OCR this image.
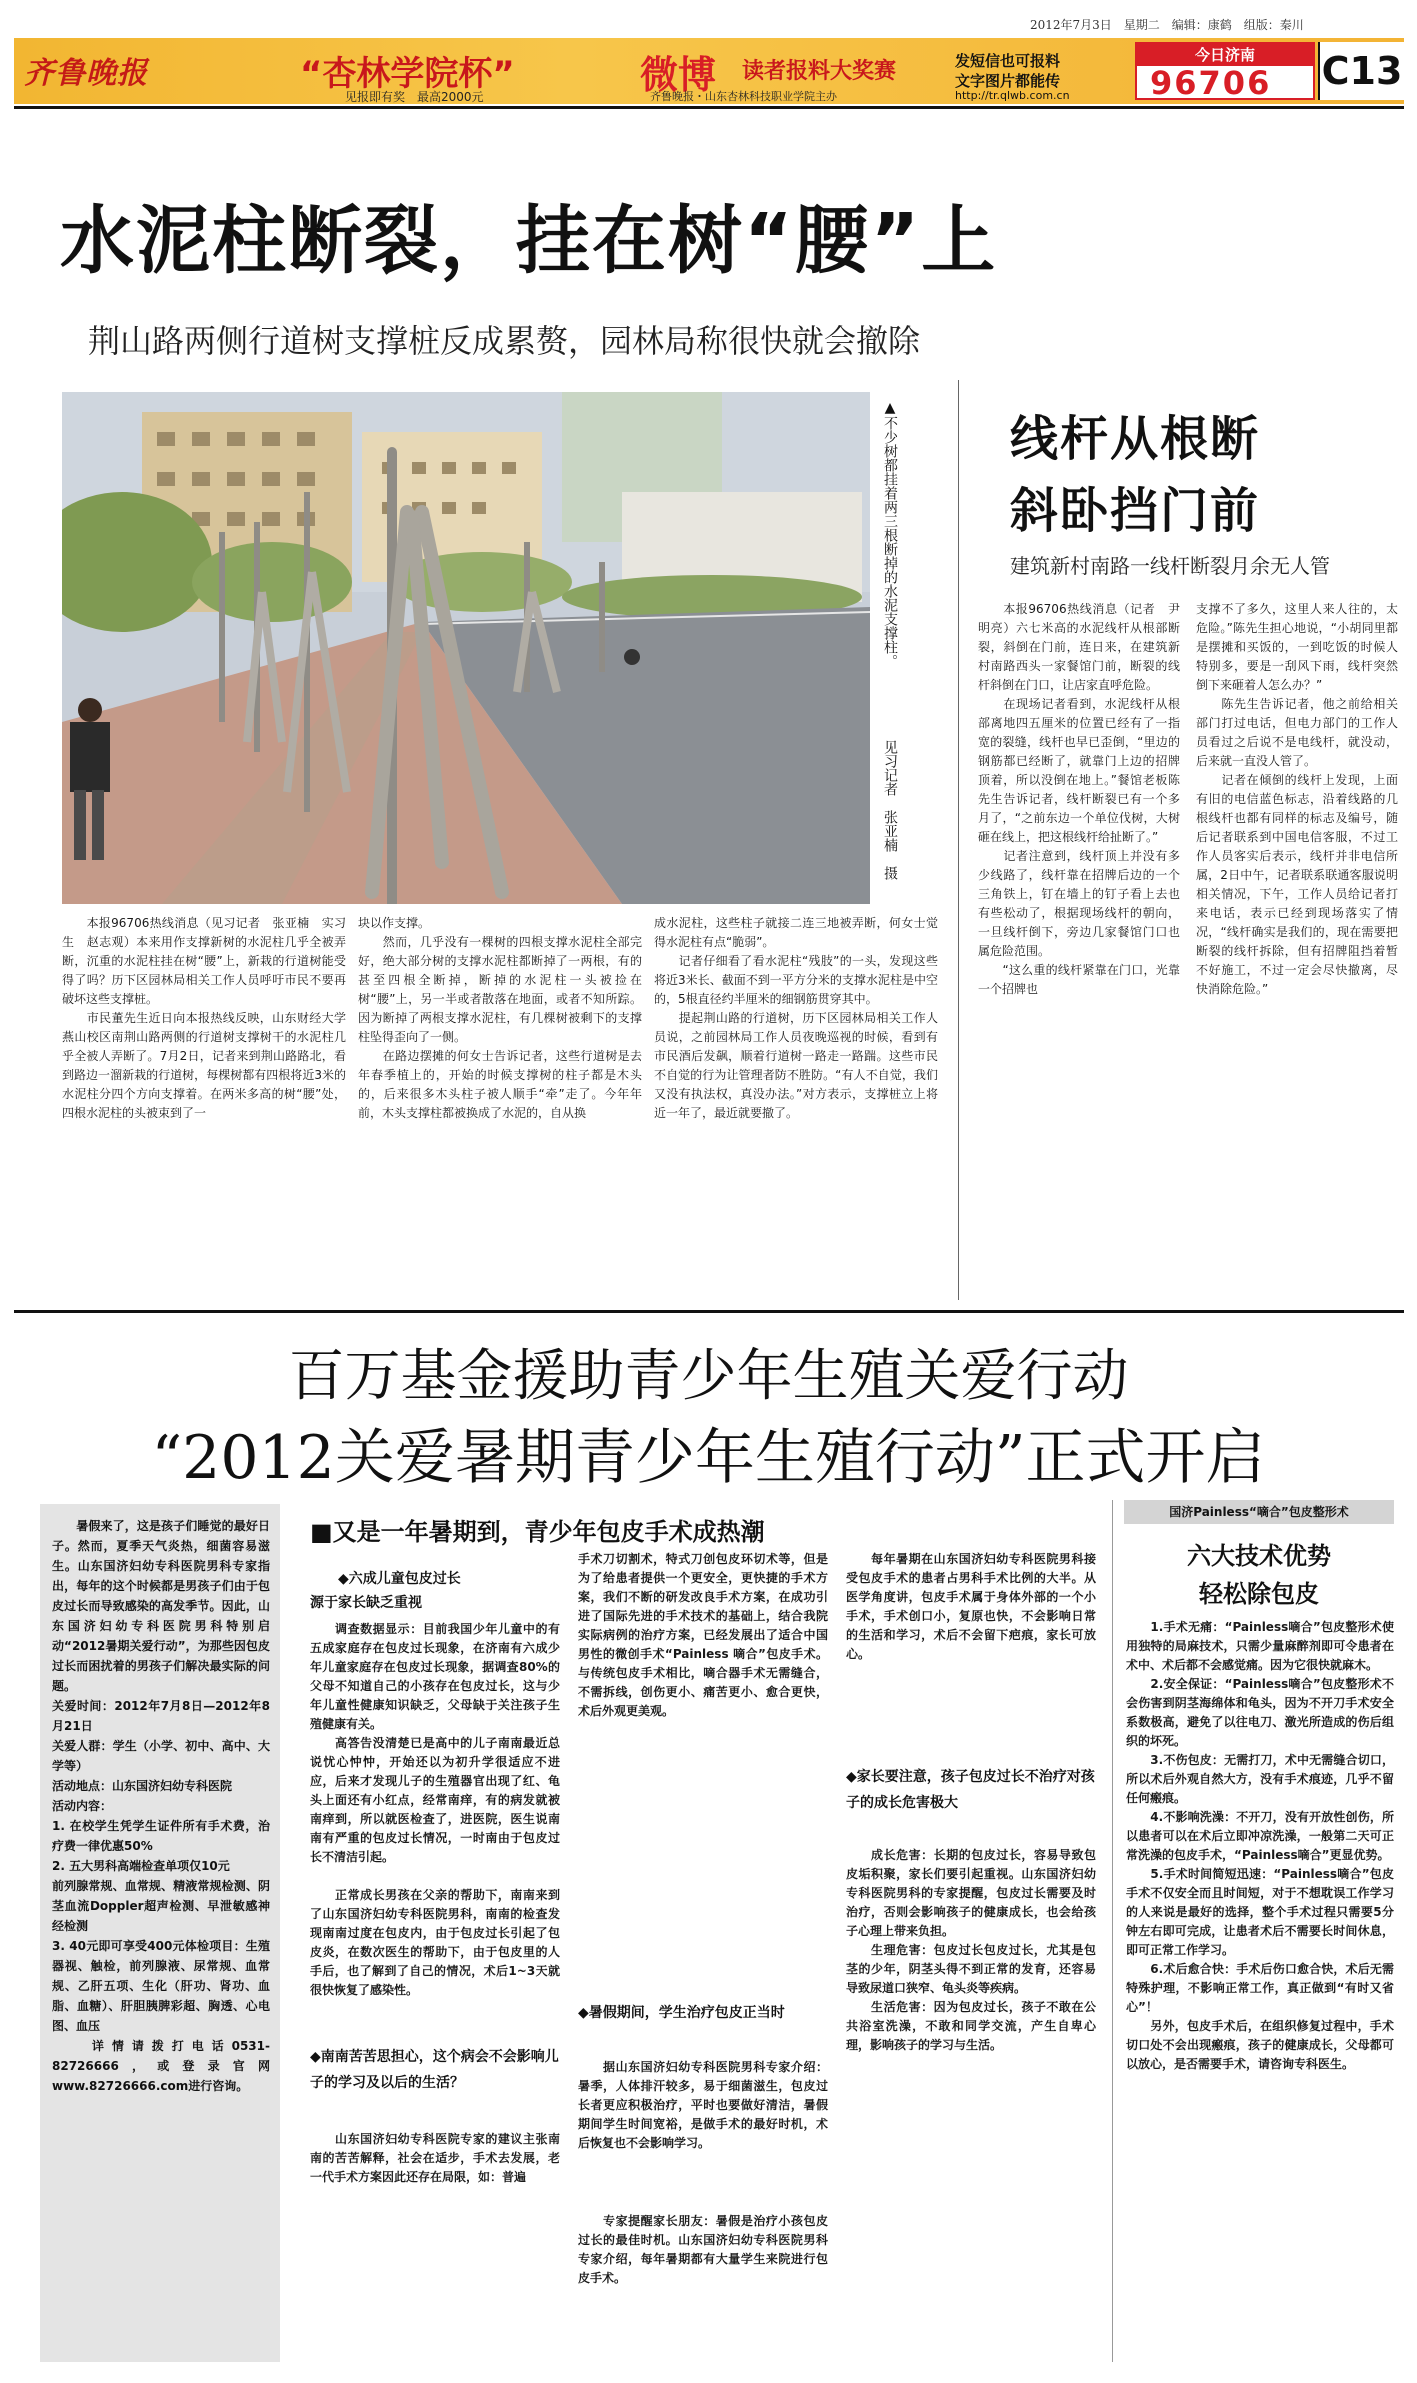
2012年7月3日　星期二　编辑：康鹤　组版：秦川
齐鲁晚报	“杏林学院杯”
见报即有奖　最高2000元	微博 读者报料大奖赛
齐鲁晚报・山东杏林科技职业学院主办
发短信也可报料
文字图片都能传
http://tr.qlwb.com.cn
今日济南
96706 C13
水泥柱断裂，挂在树“腰”上
荆山路两侧行道树支撑桩反成累赘，园林局称很快就会撤除
▲不少树都挂着两三根断掉的水泥支撑柱。
见习记者　张亚楠　摄
　　本报96706热线消息（见习记者　张亚楠　实习生　赵志观）本来用作支撑新树的水泥柱几乎全被弄断，沉重的水泥柱挂在树“腰”上，新栽的行道树能受得了吗？历下区园林局相关工作人员呼吁市民不要再破坏这些支撑桩。
　　市民董先生近日向本报热线反映，山东财经大学燕山校区南荆山路两侧的行道树支撑树干的水泥柱几乎全被人弄断了。7月2日，记者来到荆山路路北，看到路边一溜新栽的行道树，每棵树都有四根将近3米的水泥柱分四个方向支撑着。在两米多高的树“腰”处，四根水泥柱的头被束到了一
块以作支撑。
　　然而，几乎没有一棵树的四根支撑水泥柱全部完好，绝大部分树的支撑水泥柱都断掉了一两根，有的甚至四根全断掉，断掉的水泥柱一头被捡在树“腰”上，另一半或者散落在地面，或者不知所踪。因为断掉了两根支撑水泥柱，有几棵树被剩下的支撑柱坠得歪向了一侧。
　　在路边摆摊的何女士告诉记者，这些行道树是去年春季植上的，开始的时候支撑树的柱子都是木头的，后来很多木头柱子被人顺手“牵”走了。今年年前，木头支撑柱都被换成了水泥的，自从换
成水泥柱，这些柱子就接二连三地被弄断，何女士觉得水泥柱有点“脆弱”。
　　记者仔细看了看水泥柱“残肢”的一头，发现这些将近3米长、截面不到一平方分米的支撑水泥柱是中空的，5根直径约半厘米的细钢筋贯穿其中。
　　提起荆山路的行道树，历下区园林局相关工作人员说，之前园林局工作人员夜晚巡视的时候，看到有市民酒后发飙，顺着行道树一路走一路踹。这些市民不自觉的行为让管理者防不胜防。“有人不自觉，我们又没有执法权，真没办法。”对方表示，支撑桩立上将近一年了，最近就要撤了。
线杆从根断
斜卧挡门前
建筑新村南路一线杆断裂月余无人管
　　本报96706热线消息（记者　尹明亮）六七米高的水泥线杆从根部断裂，斜倒在门前，连日来，在建筑新村南路西头一家餐馆门前，断裂的线杆斜倒在门口，让店家直呼危险。
　　在现场记者看到，水泥线杆从根部离地四五厘米的位置已经有了一指宽的裂缝，线杆也早已歪倒，“里边的钢筋都已经断了，就靠门上边的招牌顶着，所以没倒在地上。”餐馆老板陈先生告诉记者，线杆断裂已有一个多月了，“之前东边一个单位伐树，大树砸在线上，把这根线杆给扯断了。”
　　记者注意到，线杆顶上并没有多少线路了，线杆靠在招牌后边的一个三角铁上，钉在墙上的钉子看上去也有些松动了，根据现场线杆的朝向，一旦线杆倒下，旁边几家餐馆门口也属危险范围。
　　“这么重的线杆紧靠在门口，光靠一个招牌也
支撑不了多久，这里人来人往的，太危险。”陈先生担心地说，“小胡同里都是摆摊和买饭的，一到吃饭的时候人特别多，要是一刮风下雨，线杆突然倒下来砸着人怎么办？”
　　陈先生告诉记者，他之前给相关部门打过电话，但电力部门的工作人员看过之后说不是电线杆，就没动，后来就一直没人管了。
　　记者在倾倒的线杆上发现，上面有旧的电信蓝色标志，沿着线路的几根线杆也都有同样的标志及编号，随后记者联系到中国电信客服，不过工作人员客实后表示，线杆并非电信所属，2日中午，记者联系联通客服说明相关情况，下午，工作人员给记者打来电话，表示已经到现场落实了情况，“线杆确实是我们的，现在需要把断裂的线杆拆除，但有招牌阻挡着暂不好施工，不过一定会尽快撤离，尽快消除危险。”
百万基金援助青少年生殖关爱行动
“2012关爱暑期青少年生殖行动”正式开启
　　暑假来了，这是孩子们睡觉的最好日子。然而，夏季天气炎热，细菌容易滋生。山东国济妇幼专科医院男科专家指出，每年的这个时候都是男孩子们由于包皮过长而导致感染的高发季节。因此，山东国济妇幼专科医院男科特别启动“2012暑期关爱行动”，为那些因包皮过长而困扰着的男孩子们解决最实际的问题。
关爱时间：2012年7月8日—2012年8月21日
关爱人群：学生（小学、初中、高中、大学等）
活动地点：山东国济妇幼专科医院
活动内容：
1. 在校学生凭学生证件所有手术费，治疗费一律优惠50%
2. 五大男科高端检查单项仅10元
前列腺常规、血常规、精液常规检测、阴茎血流Doppler超声检测、早泄敏感神经检测
3. 40元即可享受400元体检项目：生殖器视、触检，前列腺液、尿常规、血常规、乙肝五项、生化（肝功、肾功、血脂、血糖）、肝胆胰脾彩超、胸透、心电图、血压
　　详情请拨打电话0531-82726666，或登录官网www.82726666.com进行咨询。
■又是一年暑期到，青少年包皮手术成热潮
◆六成儿童包皮过长
源于家长缺乏重视
　　调查数据显示：目前我国少年儿童中的有五成家庭存在包皮过长现象，在济南有六成少年儿童家庭存在包皮过长现象，据调查80%的父母不知道自己的小孩存在包皮过长，这与少年儿童性健康知识缺乏，父母缺于关注孩子生殖健康有关。
　　高答告没清楚已是高中的儿子南南最近总说忧心忡忡，开始还以为初升学很适应不进应，后来才发现儿子的生殖器官出现了红、龟头上面还有小红点，经常南痒，有的病发就被南痒到，所以就医检查了，进医院，医生说南南有严重的包皮过长情况，一时南由于包皮过长不清洁引起。
　　正常成长男孩在父亲的帮助下，南南来到了山东国济妇幼专科医院男科，南南的检查发现南南过度在包皮内，由于包皮过长引起了包皮炎，在数次医生的帮助下，由于包皮里的人手后，也了解到了自己的情况，术后1~3天就很快恢复了感染性。
◆南南苦苦思担心，这个病会不会影响儿子的学习及以后的生活？
　　山东国济妇幼专科医院专家的建议主张南南的苦苦解释，社会在适步，手术去发展，老一代手术方案因此还存在局限，如：普遍
手术刀切割术，特式刀创包皮环切术等，但是为了给患者提供一个更安全，更快捷的手术方案，我们不断的研发改良手术方案，在成功引进了国际先进的手术技术的基础上，结合我院实际病例的治疗方案，已经发展出了适合中国男性的微创手术“Painless 嘀合”包皮手术。与传统包皮手术相比，嘀合器手术无需缝合，不需拆线，创伤更小、痛苦更小、愈合更快，术后外观更美观。
◆暑假期间，学生治疗包皮正当时
　　据山东国济妇幼专科医院男科专家介绍：暑季，人体排汗较多，易于细菌滋生，包皮过长者更应积极治疗，平时也要做好清洁，暑假期间学生时间宽裕，是做手术的最好时机，术后恢复也不会影响学习。
　　专家提醒家长朋友：暑假是治疗小孩包皮过长的最佳时机。山东国济妇幼专科医院男科专家介绍，每年暑期都有大量学生来院进行包皮手术。
　　每年暑期在山东国济妇幼专科医院男科接受包皮手术的患者占男科手术比例的大半。从医学角度讲，包皮手术属于身体外部的一个小手术，手术创口小，复原也快，不会影响日常的生活和学习，术后不会留下疤痕，家长可放心。
◆家长要注意，孩子包皮过长不治疗对孩子的成长危害极大
　　成长危害：长期的包皮过长，容易导致包皮垢积聚，家长们要引起重视。山东国济妇幼专科医院男科的专家提醒，包皮过长需要及时治疗，否则会影响孩子的健康成长，也会给孩子心理上带来负担。
　　生理危害：包皮过长包皮过长，尤其是包茎的少年，阴茎头得不到正常的发育，还容易导致尿道口狭窄、龟头炎等疾病。
　　生活危害：因为包皮过长，孩子不敢在公共浴室洗澡，不敢和同学交流，产生自卑心理，影响孩子的学习与生活。
国济Painless“嘀合”包皮整形术
六大技术优势
轻松除包皮
　　1.手术无痛：“Painless嘀合”包皮整形术使用独特的局麻技术，只需少量麻醉剂即可令患者在术中、术后都不会感觉痛。因为它很快就麻木。
　　2.安全保证：“Painless嘀合”包皮整形术不会伤害到阴茎海绵体和龟头，因为不开刀手术安全系数极高，避免了以往电刀、激光所造成的伤后组织的坏死。
　　3.不伤包皮：无需打刀，术中无需缝合切口，所以术后外观自然大方，没有手术痕迹，几乎不留任何瘢痕。
　　4.不影响洗澡：不开刀，没有开放性创伤，所以患者可以在术后立即冲凉洗澡，一般第二天可正常洗澡的包皮手术，“Painless嘀合”更显优势。
　　5.手术时间简短迅速：“Painless嘀合”包皮手术不仅安全而且时间短，对于不想耽误工作学习的人来说是最好的选择，整个手术过程只需要5分钟左右即可完成，让患者术后不需要长时间休息，即可正常工作学习。
　　6.术后愈合快：手术后伤口愈合快，术后无需特殊护理，不影响正常工作，真正做到“有时又省心”！
　　另外，包皮手术后，在组织修复过程中，手术切口处不会出现瘢痕，孩子的健康成长，父母都可以放心，是否需要手术，请咨询专科医生。
